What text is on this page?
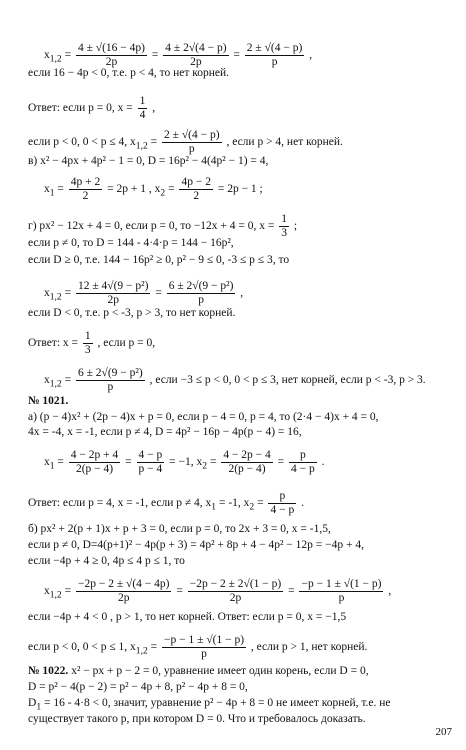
$x_{1,2} = \frac{4 \pm √(16 - 4p)}{2p} = \frac{4 \pm 2√(4 - p)}{2p} = \frac{2 \pm √(4 - p)}{p}$ ,
если 16 − 4p < 0, т.е. p < 4, то нет корней.
Ответ: если p = 0, $x = \frac{1}{4}$ ,
если p < 0, 0 < p ≤ 4, $x_{1,2} = \frac{2 \pm √(4 - p)}{p}$ , если p > 4, нет корней.
в) x² − 4px + 4p² − 1 = 0, D = 16p² − 4(4p² − 1) = 4,
$x_1 = \frac{4p + 2}{2} = 2p + 1$ , $x_2 = \frac{4p - 2}{2} = 2p - 1$ ;
г) px² − 12x + 4 = 0, если p = 0, то −12x + 4 = 0, $x = \frac{1}{3}$ ;
если p ≠ 0, то D = 144 - 4·4·p = 144 − 16p²,
если D ≥ 0, т.е. 144 − 16p² ≥ 0, p² − 9 ≤ 0, -3 ≤ p ≤ 3, то
$x_{1,2} = \frac{\text{12 ± 4√(9 − p²)}}{2p} = \frac{\text{6 ± 2√(9 − p²)}}{p}$ ,
если D < 0, т.е. p < -3, p > 3, то нет корней.
Ответ: $x = \frac{1}{3}$ , если p = 0,
$x_{1,2} = \frac{\text{6 ± 2√(9 − p²)}}{p}$ , если −3 ≤ p < 0, 0 < p ≤ 3, нет корней, если p < -3, p > 3.
№ 1021.
а) (p − 4)x² + (2p − 4)x + p = 0, если p − 4 = 0, p = 4, то (2·4 − 4)x + 4 = 0,
4x = -4, x = -1, если p ≠ 4, D = 4p² − 16p − 4p(p − 4) = 16,
$x_1 = \frac{4 - 2p + 4}{2(p - 4)} = \frac{4 - p}{p - 4} = -1$, $x_2 = \frac{4 - 2p - 4}{2(p - 4)} = \frac{p}{4 - p}$ .
Ответ: если p = 4, x = -1, если p ≠ 4, $x_1 = -1$, $x_2 = \frac{p}{4 - p}$ .
б) px² + 2(p + 1)x + p + 3 = 0, если p = 0, то 2x + 3 = 0, x = -1,5,
если p ≠ 0, D=4(p+1)² − 4p(p + 3) = 4p² + 8p + 4 − 4p² − 12p = −4p + 4,
если −4p + 4 ≥ 0, 4p ≤ 4 p ≤ 1, то
$x_{1,2} = \frac{-2p - 2 \pm √(4 - 4p)}{2p} = \frac{-2p - 2 \pm 2√(1 - p)}{2p} = \frac{-p - 1 \pm √(1 - p)}{p}$ ,
если −4p + 4 < 0 , p > 1, то нет корней. Ответ: если p = 0, x = −1,5
если p < 0, 0 < p ≤ 1, $x_{1,2} = \frac{-p - 1 \pm √(1 - p)}{p}$ , если p > 1, нет корней.
№ 1022. x² − px + p − 2 = 0, уравнение имеет один корень, если D = 0,
D = p² − 4(p − 2) = p² − 4p + 8, p² − 4p + 8 = 0,
$D_1 = 16 - 4\cdot 8 < 0$, значит, уравнение p² − 4p + 8 = 0 не имеет корней, т.е. не
существует такого p, при котором D = 0. Что и требовалось доказать.
207
